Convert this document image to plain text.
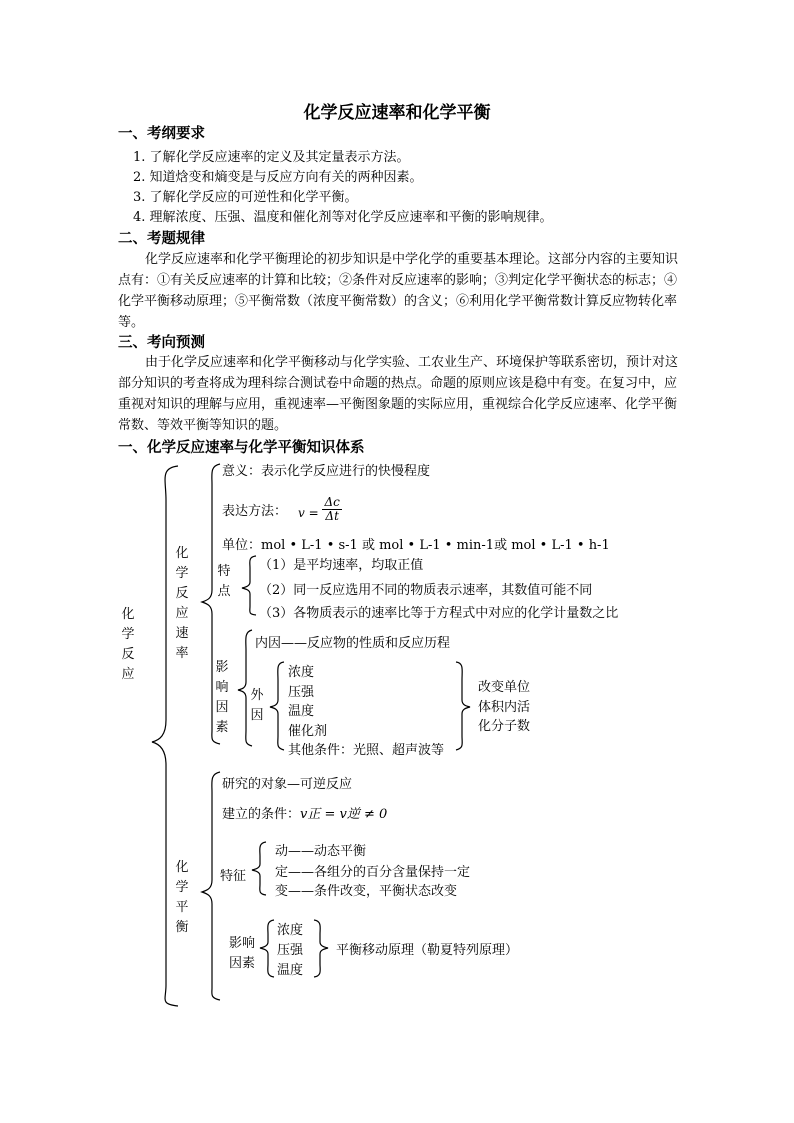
化学反应速率和化学平衡
一、考纲要求
1. 了解化学反应速率的定义及其定量表示方法。
2. 知道焓变和熵变是与反应方向有关的两种因素。
3. 了解化学反应的可逆性和化学平衡。
4. 理解浓度、压强、温度和催化剂等对化学反应速率和平衡的影响规律。
二、考题规律
化学反应速率和化学平衡理论的初步知识是中学化学的重要基本理论。这部分内容的主要知识点有：①有关反应速率的计算和比较；②条件对反应速率的影响；③判定化学平衡状态的标志；④化学平衡移动原理；⑤平衡常数（浓度平衡常数）的含义；⑥利用化学平衡常数计算反应物转化率等。
三、考向预测
由于化学反应速率和化学平衡移动与化学实验、工农业生产、环境保护等联系密切，预计对这部分知识的考查将成为理科综合测试卷中命题的热点。命题的原则应该是稳中有变。在复习中，应重视对知识的理解与应用，重视速率—平衡图象题的实际应用，重视综合化学反应速率、化学平衡常数、等效平衡等知识的题。
一、化学反应速率与化学平衡知识体系
化学反应
化学反应速率
意义：表示化学反应进行的快慢程度
表达方法： $v = \frac{\Delta c}{\Delta t}$
单位：mol • L-1 • s-1 或 mol • L-1 • min-1或 mol • L-1 • h-1
特点
（1）是平均速率，均取正值
（2）同一反应选用不同的物质表示速率，其数值可能不同
（3）各物质表示的速率比等于方程式中对应的化学计量数之比
影响因素
内因——反应物的性质和反应历程
外因
浓度
压强
温度
催化剂
其他条件：光照、超声波等
改变单位
体积内活
化分子数
化学平衡
研究的对象—可逆反应
建立的条件：v正 = v逆 ≠ 0
特征
动——动态平衡
定——各组分的百分含量保持一定
变——条件改变，平衡状态改变
影响因素
浓度
压强
温度
平衡移动原理（勒夏特列原理）
